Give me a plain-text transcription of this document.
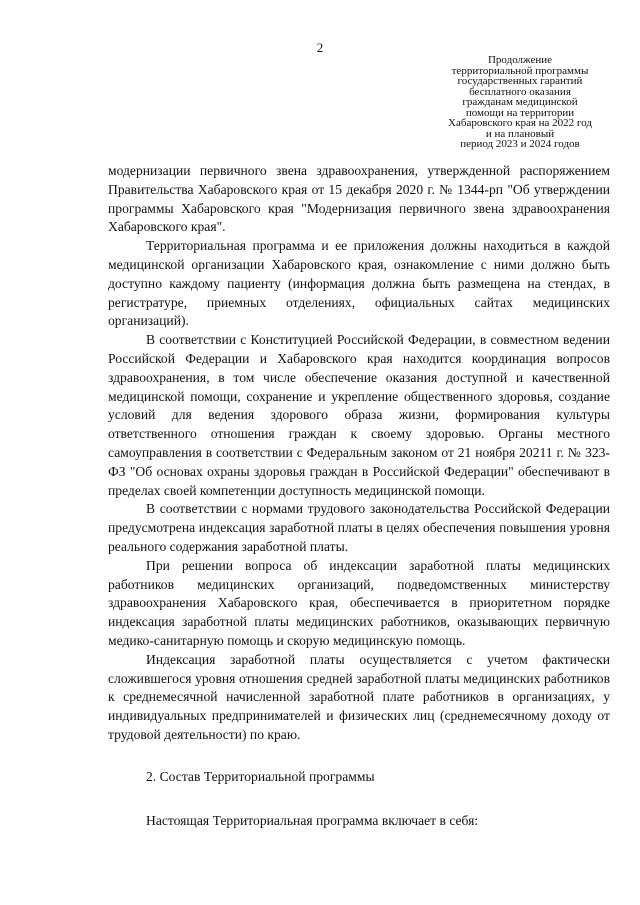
2
Продолжение
территориальной программы
государственных гарантий
бесплатного оказания
гражданам медицинской
помощи на территории
Хабаровского края на 2022 год
и на плановый
период 2023 и 2024 годов

модернизации первичного звена здравоохранения, утвержденной распоряжением Правительства Хабаровского края от 15 декабря 2020 г. № 1344-рп "Об утверждении программы Хабаровского края "Модернизация первичного звена здравоохранения Хабаровского края".

Территориальная программа и ее приложения должны находиться в каждой медицинской организации Хабаровского края, ознакомление с ними должно быть доступно каждому пациенту (информация должна быть размещена на стендах, в регистратуре, приемных отделениях, официальных сайтах медицинских организаций).

В соответствии с Конституцией Российской Федерации, в совместном ведении Российской Федерации и Хабаровского края находится координация вопросов здравоохранения, в том числе обеспечение оказания доступной и качественной медицинской помощи, сохранение и укрепление общественного здоровья, создание условий для ведения здорового образа жизни, формирования культуры ответственного отношения граждан к своему здоровью. Органы местного самоуправления в соответствии с Федеральным законом от 21 ноября 20211 г. № 323-ФЗ "Об основах охраны здоровья граждан в Российской Федерации" обеспечивают в пределах своей компетенции доступность медицинской помощи.

В соответствии с нормами трудового законодательства Российской Федерации предусмотрена индексация заработной платы в целях обеспечения повышения уровня реального содержания заработной платы.

При решении вопроса об индексации заработной платы медицинских работников медицинских организаций, подведомственных министерству здравоохранения Хабаровского края, обеспечивается в приоритетном порядке индексация заработной платы медицинских работников, оказывающих первичную медико-санитарную помощь и скорую медицинскую помощь.

Индексация заработной платы осуществляется с учетом фактически сложившегося уровня отношения средней заработной платы медицинских работников к среднемесячной начисленной заработной плате работников в организациях, у индивидуальных предпринимателей и физических лиц (среднемесячному доходу от трудовой деятельности) по краю.

2. Состав Территориальной программы

Настоящая Территориальная программа включает в себя:
